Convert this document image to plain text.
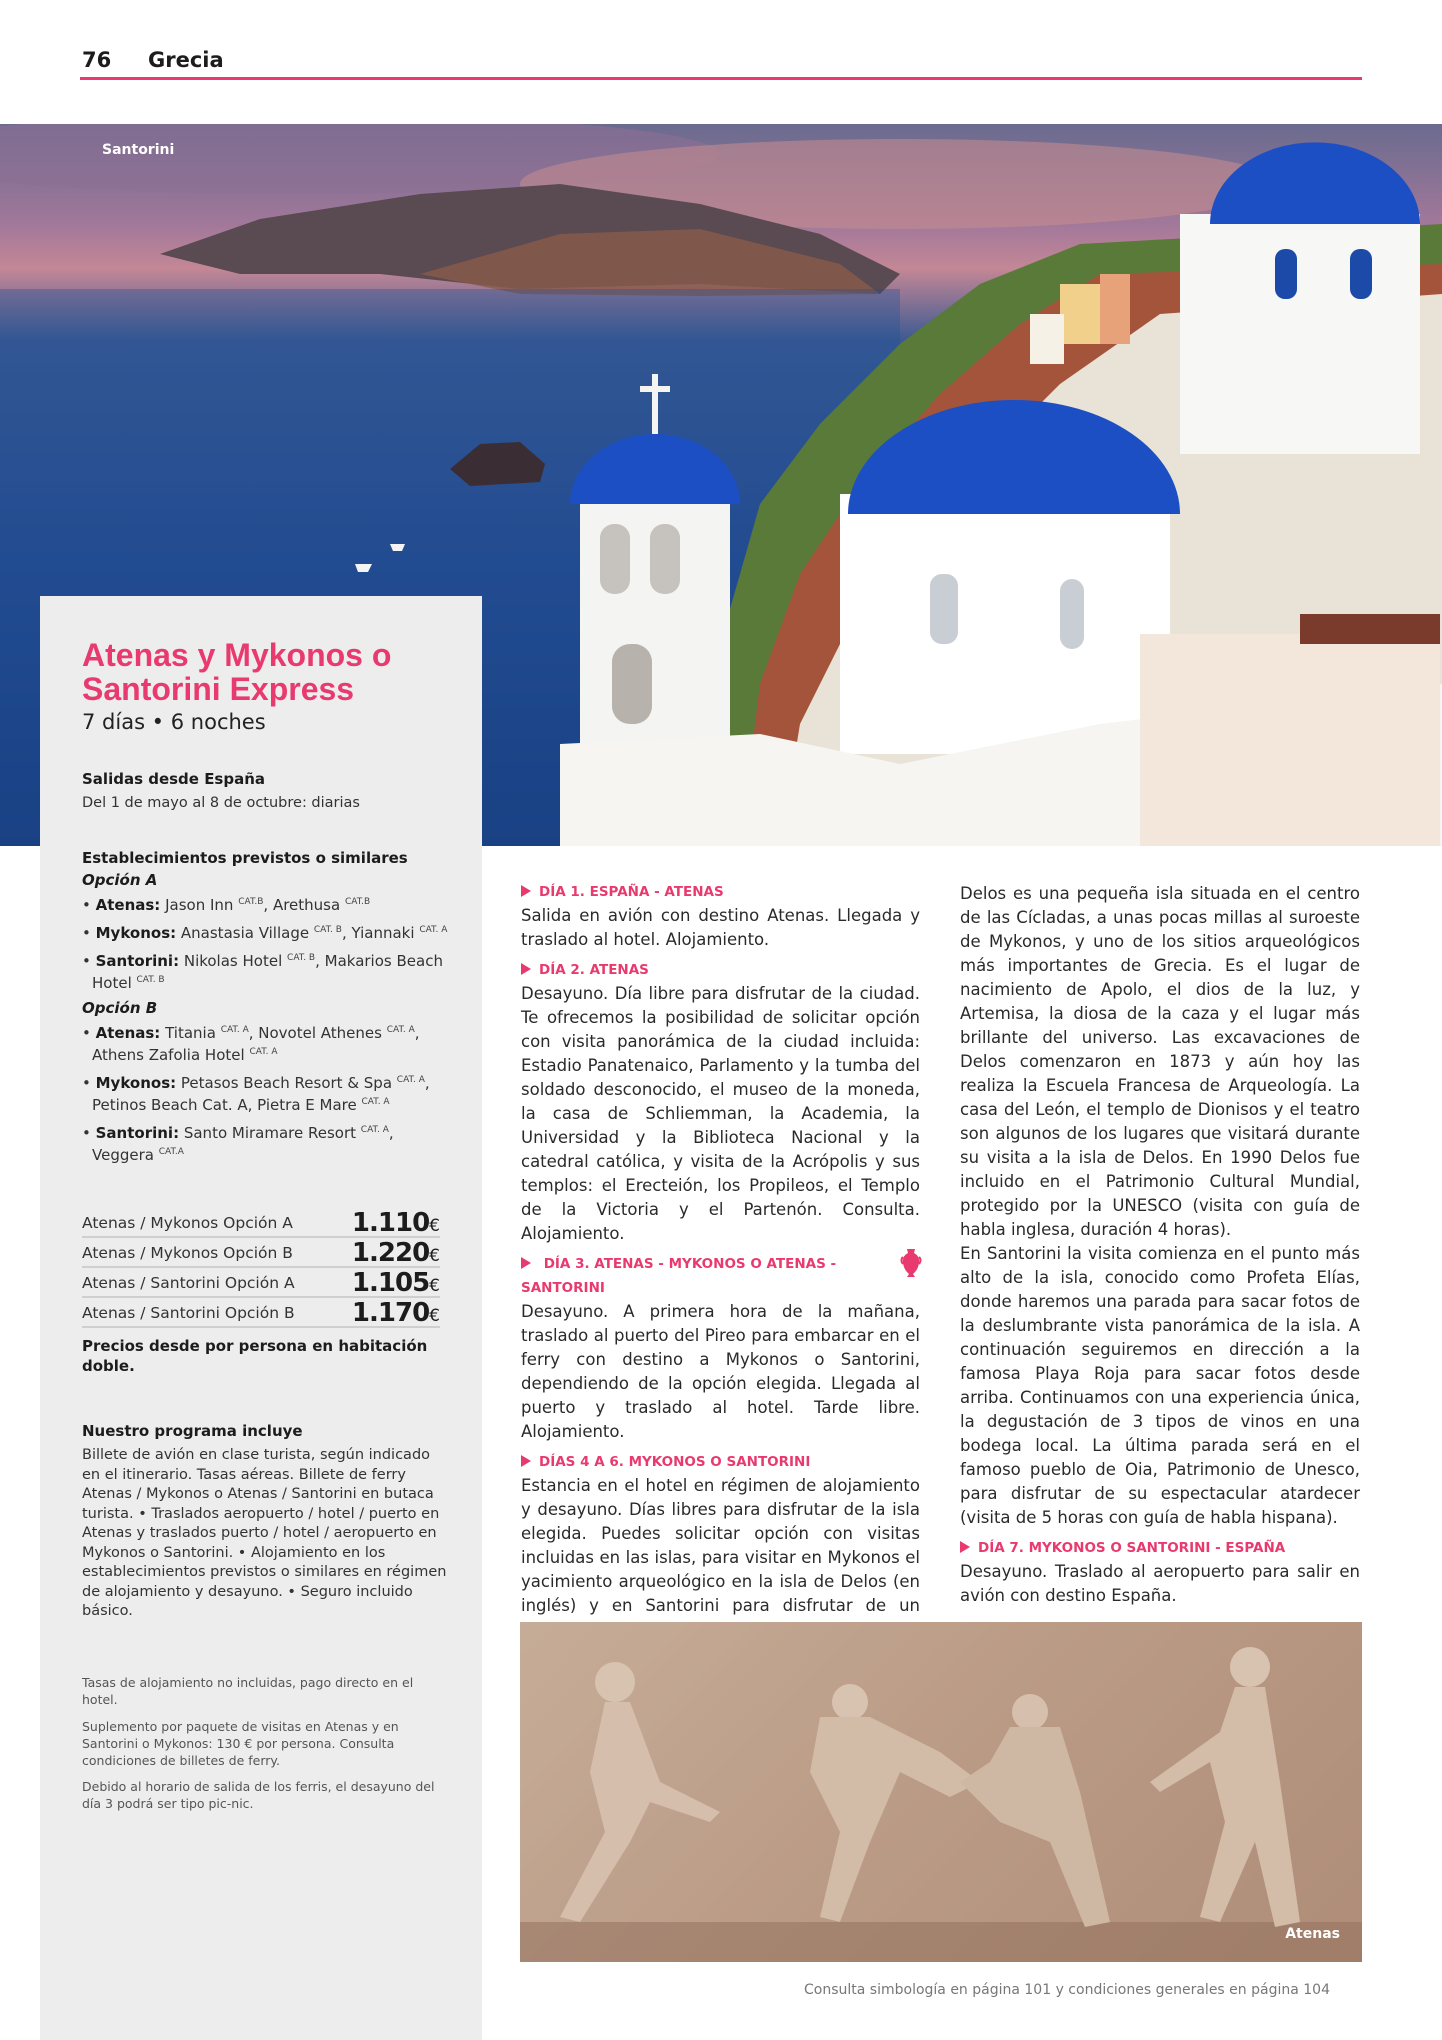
76 Grecia
Santorini
Atenas y Mykonos o
Santorini Express
7 días • 6 noches
Salidas desde España
Del 1 de mayo al 8 de octubre: diarias
Establecimientos previstos o similares
Opción A
• Atenas: Jason Inn $^{CAT.B}$, Arethusa $^{CAT.B}$
• Mykonos: Anastasia Village $^{CAT. B}$, Yiannaki $^{CAT. A}$
• Santorini: Nikolas Hotel $^{CAT. B}$, Makarios Beach Hotel $^{CAT. B}$
Opción B
• Atenas: Titania $^{CAT. A}$, Novotel Athenes $^{CAT. A}$, Athens Zafolia Hotel $^{CAT. A}$
• Mykonos: Petasos Beach Resort & Spa $^{CAT. A}$, Petinos Beach Cat. A, Pietra E Mare $^{CAT. A}$
• Santorini: Santo Miramare Resort $^{CAT. A}$, Veggera $^{CAT.A}$
Atenas / Mykonos Opción A 1.110€
Atenas / Mykonos Opción B 1.220€
Atenas / Santorini Opción A 1.105€
Atenas / Santorini Opción B 1.170€
Precios desde por persona en habitación doble.
Nuestro programa incluye
Billete de avión en clase turista, según indicado en el itinerario. Tasas aéreas. Billete de ferry Atenas / Mykonos o Atenas / Santorini en butaca turista. • Traslados aeropuerto / hotel / puerto en Atenas y traslados puerto / hotel / aeropuerto en Mykonos o Santorini. • Alojamiento en los establecimientos previstos o similares en régimen de alojamiento y desayuno. • Seguro incluido básico.
Tasas de alojamiento no incluidas, pago directo en el hotel.
Suplemento por paquete de visitas en Atenas y en Santorini o Mykonos: 130 € por persona. Consulta condiciones de billetes de ferry.
Debido al horario de salida de los ferris, el desayuno del día 3 podrá ser tipo pic-nic.
DÍA 1. ESPAÑA - ATENAS
Salida en avión con destino Atenas. Llegada y traslado al hotel. Alojamiento.
DÍA 2. ATENAS
Desayuno. Día libre para disfrutar de la ciudad. Te ofrecemos la posibilidad de solicitar opción con visita panorámica de la ciudad incluida: Estadio Panatenaico, Parlamento y la tumba del soldado desconocido, el museo de la moneda, la casa de Schliemman, la Academia, la Universidad y la Biblioteca Nacional y la catedral católica, y visita de la Acrópolis y sus templos: el Erecteión, los Propileos, el Templo de la Victoria y el Partenón. Consulta. Alojamiento.
DÍA 3. ATENAS - MYKONOS O ATENAS - SANTORINI
Desayuno. A primera hora de la mañana, traslado al puerto del Pireo para embarcar en el ferry con destino a Mykonos o Santorini, dependiendo de la opción elegida. Llegada al puerto y traslado al hotel. Tarde libre. Alojamiento.
DÍAS 4 A 6. MYKONOS O SANTORINI
Estancia en el hotel en régimen de alojamiento y desayuno. Días libres para disfrutar de la isla elegida. Puedes solicitar opción con visitas incluidas en las islas, para visitar en Mykonos el yacimiento arqueológico en la isla de Delos (en inglés) y en Santorini para disfrutar de un
Delos es una pequeña isla situada en el centro de las Cícladas, a unas pocas millas al suroeste de Mykonos, y uno de los sitios arqueológicos más importantes de Grecia. Es el lugar de nacimiento de Apolo, el dios de la luz, y Artemisa, la diosa de la caza y el lugar más brillante del universo. Las excavaciones de Delos comenzaron en 1873 y aún hoy las realiza la Escuela Francesa de Arqueología. La casa del León, el templo de Dionisos y el teatro son algunos de los lugares que visitará durante su visita a la isla de Delos. En 1990 Delos fue incluido en el Patrimonio Cultural Mundial, protegido por la UNESCO (visita con guía de habla inglesa, duración 4 horas).
En Santorini la visita comienza en el punto más alto de la isla, conocido como Profeta Elías, donde haremos una parada para sacar fotos de la deslumbrante vista panorámica de la isla. A continuación seguiremos en dirección a la famosa Playa Roja para sacar fotos desde arriba. Continuamos con una experiencia única, la degustación de 3 tipos de vinos en una bodega local. La última parada será en el famoso pueblo de Oia, Patrimonio de Unesco, para disfrutar de su espectacular atardecer (visita de 5 horas con guía de habla hispana).
DÍA 7. MYKONOS O SANTORINI - ESPAÑA
Desayuno. Traslado al aeropuerto para salir en avión con destino España.
Atenas
Consulta simbología en página 101 y condiciones generales en página 104
